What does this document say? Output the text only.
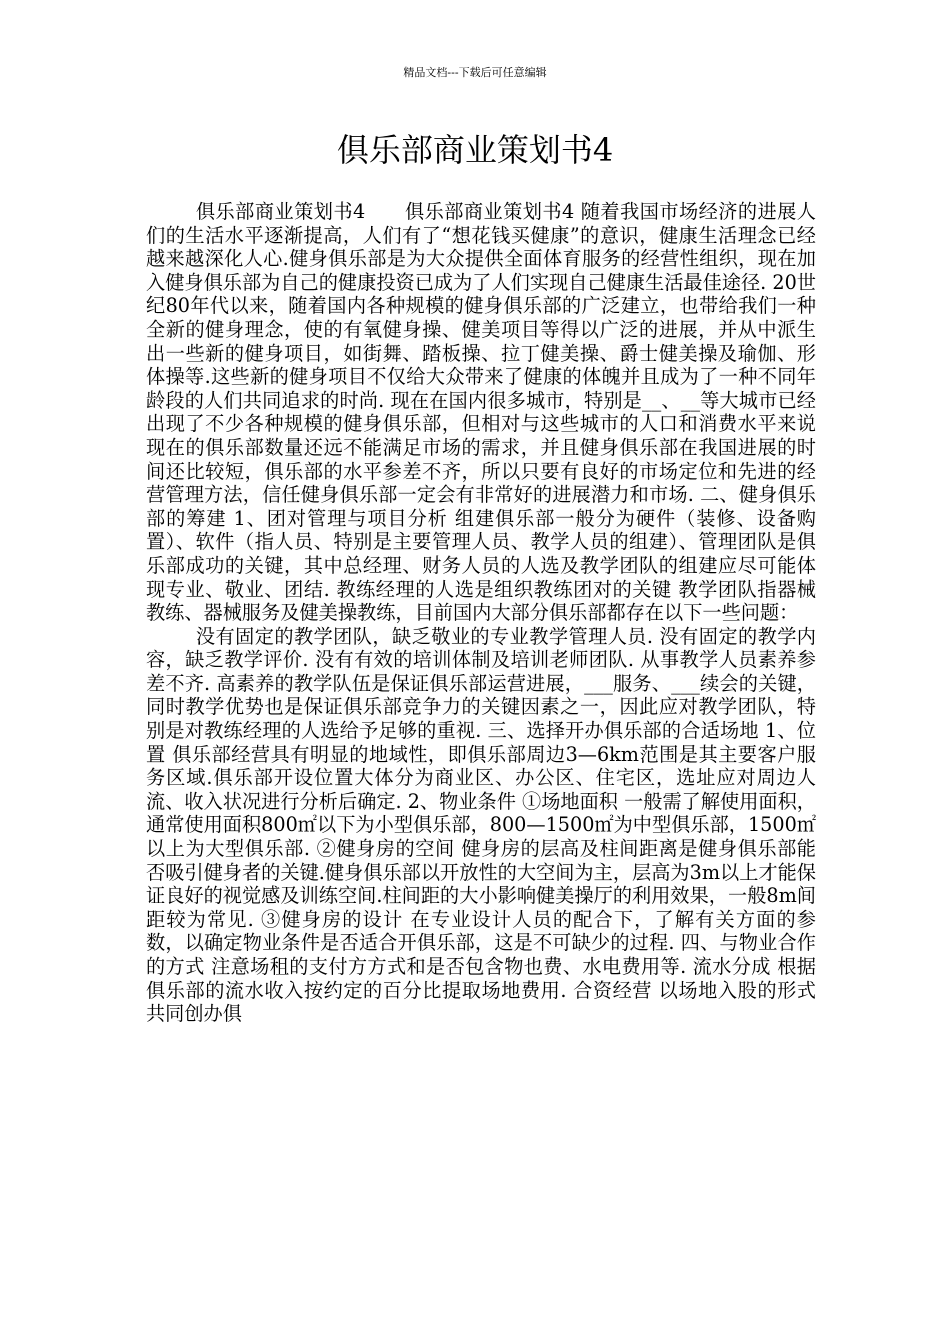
精品文档---下载后可任意编辑
俱乐部商业策划书4

俱乐部商业策划书4　　俱乐部商业策划书4 随着我国市场经济的进展人们的生活水平逐渐提高，人们有了“想花钱买健康”的意识，健康生活理念已经越来越深化人心.健身俱乐部是为大众提供全面体育服务的经营性组织，现在加入健身俱乐部为自己的健康投资已成为了人们实现自己健康生活最佳途径. 20世纪80年代以来，随着国内各种规模的健身俱乐部的广泛建立，也带给我们一种全新的健身理念，使的有氧健身操、健美项目等得以广泛的进展，并从中派生出一些新的健身项目，如街舞、踏板操、拉丁健美操、爵士健美操及瑜伽、形体操等.这些新的健身项目不仅给大众带来了健康的体魄并且成为了一种不同年龄段的人们共同追求的时尚. 现在在国内很多城市，特别是__、__等大城市已经出现了不少各种规模的健身俱乐部，但相对与这些城市的人口和消费水平来说现在的俱乐部数量还远不能满足市场的需求，并且健身俱乐部在我国进展的时间还比较短，俱乐部的水平参差不齐，所以只要有良好的市场定位和先进的经营管理方法，信任健身俱乐部一定会有非常好的进展潜力和市场. 二、健身俱乐部的筹建 1、团对管理与项目分析 组建俱乐部一般分为硬件（装修、设备购置）、软件（指人员、特别是主要管理人员、教学人员的组建）、管理团队是俱乐部成功的关键，其中总经理、财务人员的人选及教学团队的组建应尽可能体现专业、敬业、团结. 教练经理的人选是组织教练团对的关键 教学团队指器械教练、器械服务及健美操教练，目前国内大部分俱乐部都存在以下一些问题：

没有固定的教学团队，缺乏敬业的专业教学管理人员. 没有固定的教学内容，缺乏教学评价. 没有有效的培训体制及培训老师团队. 从事教学人员素养参差不齐. 高素养的教学队伍是保证俱乐部运营进展，___服务、___续会的关键，同时教学优势也是保证俱乐部竞争力的关键因素之一，因此应对教学团队，特别是对教练经理的人选给予足够的重视. 三、选择开办俱乐部的合适场地 1、位置 俱乐部经营具有明显的地域性，即俱乐部周边3—6km范围是其主要客户服务区域.俱乐部开设位置大体分为商业区、办公区、住宅区，选址应对周边人流、收入状况进行分析后确定. 2、物业条件 ①场地面积 一般需了解使用面积，通常使用面积800㎡以下为小型俱乐部，800—1500㎡为中型俱乐部，1500㎡以上为大型俱乐部. ②健身房的空间 健身房的层高及柱间距离是健身俱乐部能否吸引健身者的关键.健身俱乐部以开放性的大空间为主，层高为3m以上才能保证良好的视觉感及训练空间.柱间距的大小影响健美操厅的利用效果，一般8m间距较为常见. ③健身房的设计 在专业设计人员的配合下，了解有关方面的参数，以确定物业条件是否适合开俱乐部，这是不可缺少的过程. 四、与物业合作的方式 注意场租的支付方方式和是否包含物也费、水电费用等. 流水分成 根据俱乐部的流水收入按约定的百分比提取场地费用. 合资经营 以场地入股的形式共同创办俱
